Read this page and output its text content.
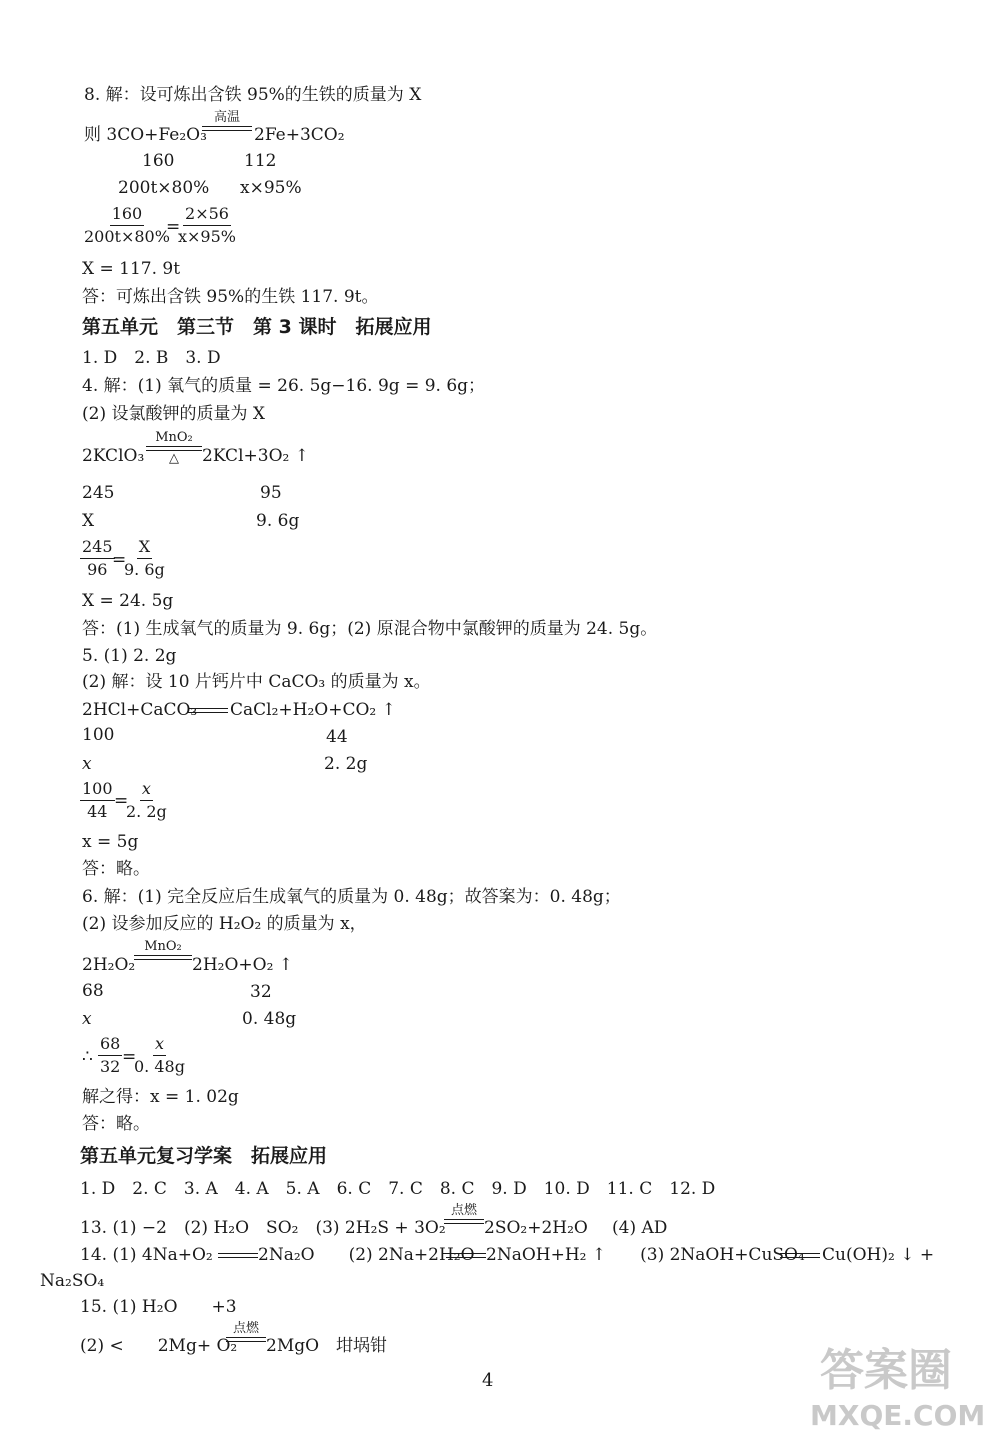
8. 解：设可炼出含铁 95%的生铁的质量为 X
则 3CO+Fe₂O₃
高温
2Fe+3CO₂
160	112
200t×80% x×95%
$\frac{160}{200t\times 80\%}$
=
$\frac{2\times 56}{x\times 95\%}$
X = 117. 9t
答：可炼出含铁 95%的生铁 117. 9t。
第五单元　第三节　第 3 课时　拓展应用
1. D　2. B　3. D
4. 解：(1) 氧气的质量 = 26. 5g−16. 9g = 9. 6g；
(2) 设氯酸钾的质量为 X
2KClO₃
MnO₂
△ 2KCl+3O₂ ↑
245	95
X	9. 6g
$\frac{245}{96}$
=
$\frac{X}{9. 6g}$
X = 24. 5g
答：(1) 生成氧气的质量为 9. 6g；(2) 原混合物中氯酸钾的质量为 24. 5g。
5. (1) 2. 2g
(2) 解：设 10 片钙片中 CaCO₃ 的质量为 x。
2HCl+CaCO₃ CaCl₂+H₂O+CO₂ ↑
100	44
x	2. 2g
$\frac{100}{44}$ =
$\frac{x}{2. 2g}$
x = 5g
答：略。
6. 解：(1) 完全反应后生成氧气的质量为 0. 48g；故答案为：0. 48g；
(2) 设参加反应的 H₂O₂ 的质量为 x，
2H₂O₂
MnO₂
2H₂O+O₂ ↑
68	32
x	0. 48g
∴ $\frac{68}{32}$ =
$\frac{x}{0. 48g}$
解之得：x = 1. 02g
答：略。
第五单元复习学案　拓展应用
1. D　2. C　3. A　4. A　5. A　6. C　7. C　8. C　9. D　10. D　11. C　12. D
13. (1) −2　(2) H₂O　SO₂　(3) 2H₂S + 3O₂
点燃
2SO₂+2H₂O (4) AD
14. (1) 4Na+O₂	2Na₂O　　(2) 2Na+2H₂O 2NaOH+H₂ ↑　　(3) 2NaOH+CuSO₄ Cu(OH)₂ ↓ +
Na₂SO₄
15. (1) H₂O　　+3
(2) <　　2Mg+ O₂
点燃
2MgO　坩埚钳
4	答案圈
MXQE.COM
